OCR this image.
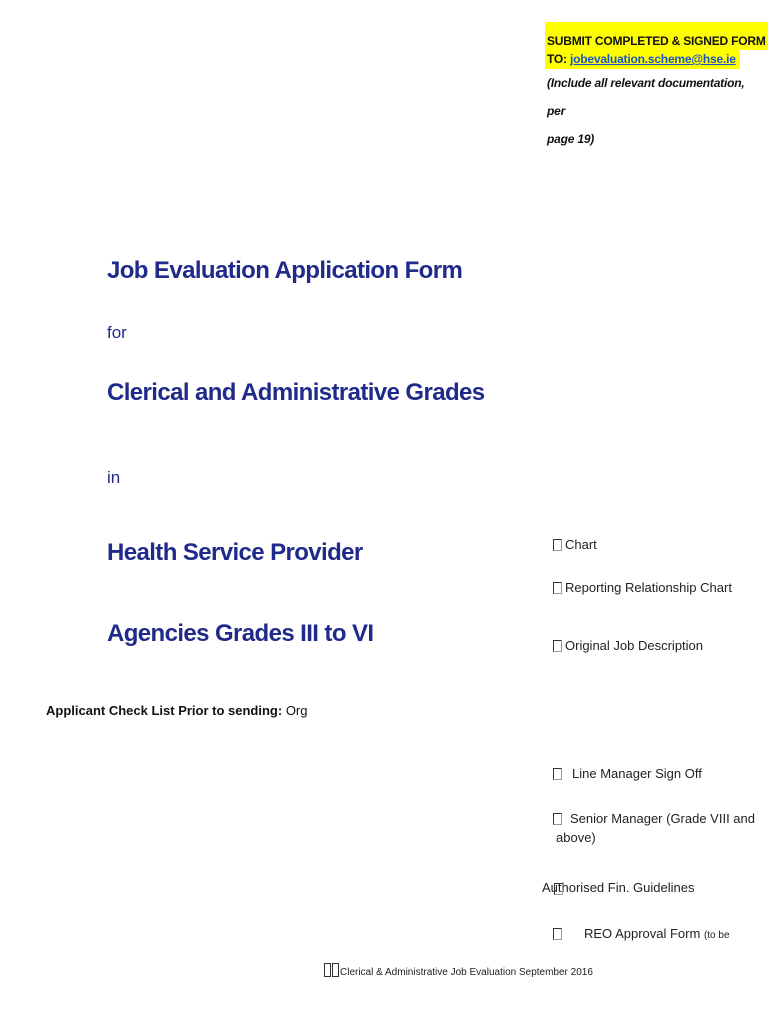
SUBMIT COMPLETED & SIGNED FORM
TO: jobevaluation.scheme@hse.ie
(Include all relevant documentation, per
page 19)
Job Evaluation Application Form
for
Clerical and Administrative Grades
in
Health Service Provider
Agencies Grades III to VI
Applicant Check List Prior to sending: Org
Chart
Reporting Relationship Chart
Original Job Description
Line Manager Sign Off
Senior Manager (Grade VIII and
above)
Authorised Fin. Guidelines
REO Approval Form (to be
Clerical & Administrative Job Evaluation September 2016
